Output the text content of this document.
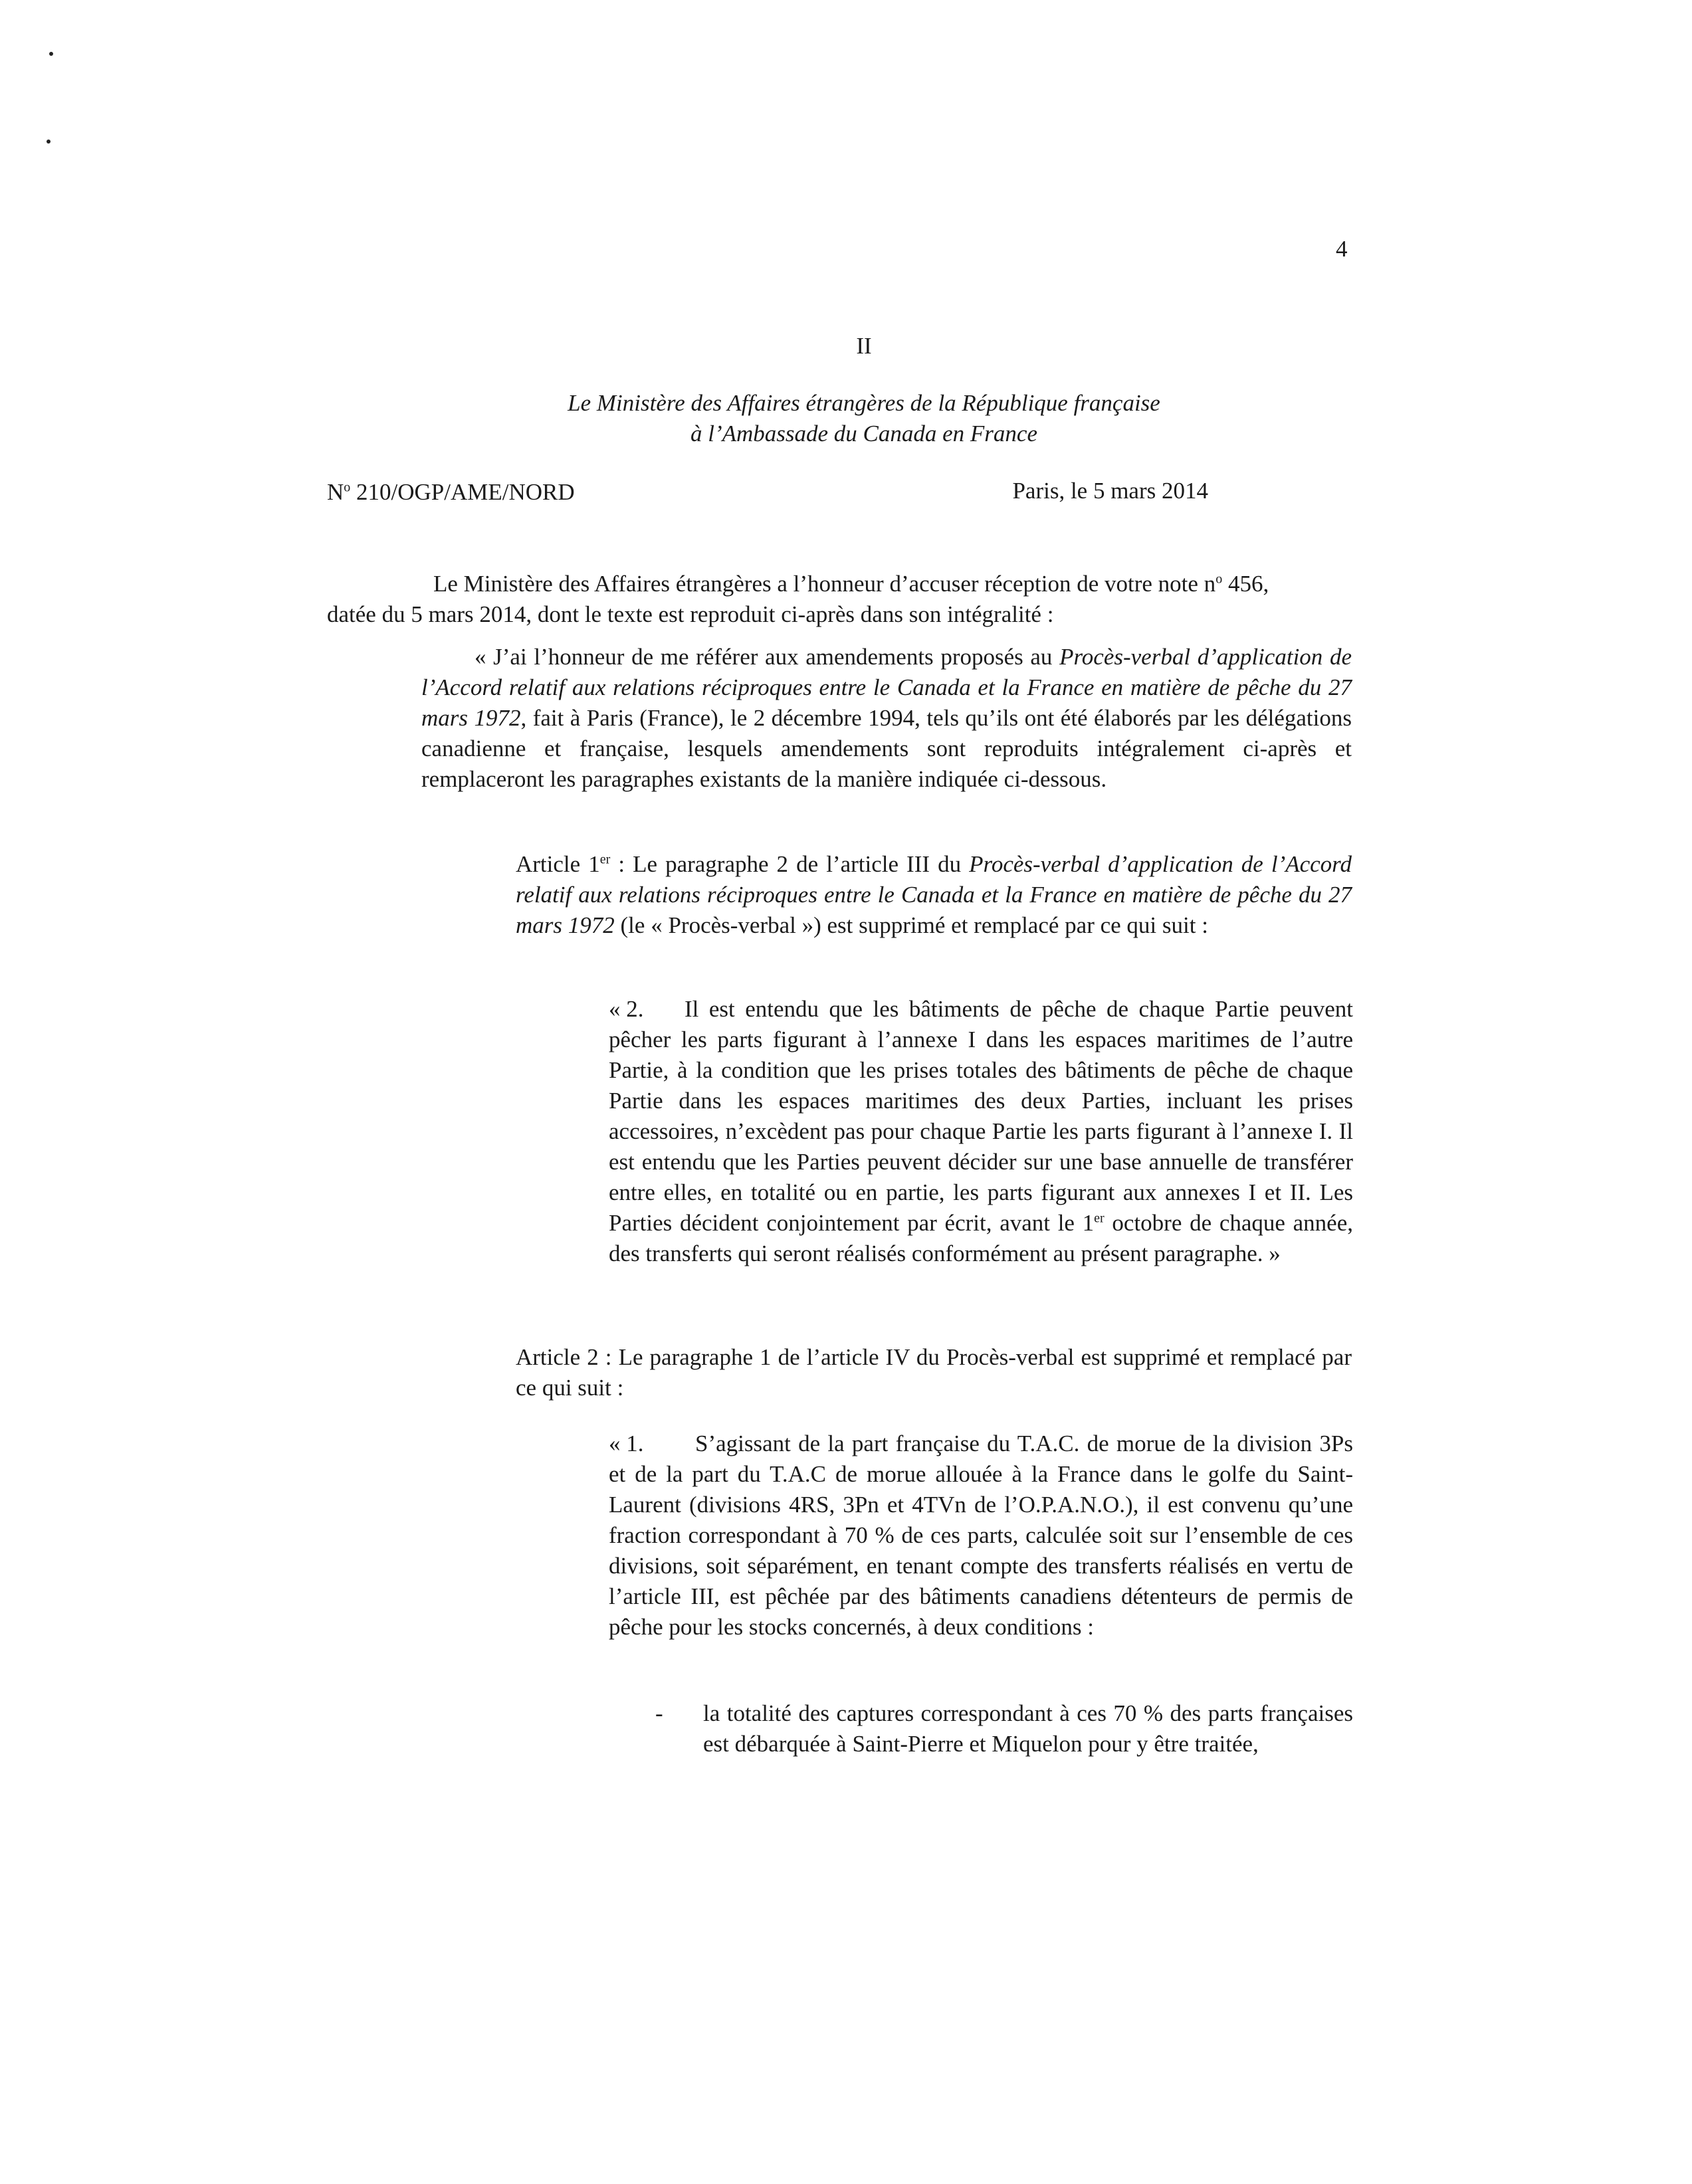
4
II
Le Ministère des Affaires étrangères de la République française
à l’Ambassade du Canada en France
$N^o$ 210/OGP/AME/NORD	Paris, le 5 mars 2014

Le Ministère des Affaires étrangères a l’honneur d’accuser réception de votre note $n^o$ 456,

datée du 5 mars 2014, dont le texte est reproduit ci-après dans son intégralité :

« J’ai l’honneur de me référer aux amendements proposés au Procès-verbal d’application de l’Accord relatif aux relations réciproques entre le Canada et la France en matière de pêche du 27 mars 1972, fait à Paris (France), le 2 décembre 1994, tels qu’ils ont été élaborés par les délégations canadienne et française, lesquels amendements sont reproduits intégralement ci-après et remplaceront les paragraphes existants de la manière indiquée ci-dessous.

Article 1er : Le paragraphe 2 de l’article III du Procès-verbal d’application de l’Accord relatif aux relations réciproques entre le Canada et la France en matière de pêche du 27 mars 1972 (le « Procès-verbal ») est supprimé et remplacé par ce qui suit :

« 2. Il est entendu que les bâtiments de pêche de chaque Partie peuvent pêcher les parts figurant à l’annexe I dans les espaces maritimes de l’autre Partie, à la condition que les prises totales des bâtiments de pêche de chaque Partie dans les espaces maritimes des deux Parties, incluant les prises accessoires, n’excèdent pas pour chaque Partie les parts figurant à l’annexe I. Il est entendu que les Parties peuvent décider sur une base annuelle de transférer entre elles, en totalité ou en partie, les parts figurant aux annexes I et II. Les Parties décident conjointement par écrit, avant le 1er octobre de chaque année, des transferts qui seront réalisés conformément au présent paragraphe. »

Article 2 : Le paragraphe 1 de l’article IV du Procès-verbal est supprimé et remplacé par ce qui suit :

« 1. S’agissant de la part française du T.A.C. de morue de la division 3Ps et de la part du T.A.C de morue allouée à la France dans le golfe du Saint-Laurent (divisions 4RS, 3Pn et 4TVn de l’O.P.A.N.O.), il est convenu qu’une fraction correspondant à 70 % de ces parts, calculée soit sur l’ensemble de ces divisions, soit séparément, en tenant compte des transferts réalisés en vertu de l’article III, est pêchée par des bâtiments canadiens détenteurs de permis de pêche pour les stocks concernés, à deux conditions :

- la totalité des captures correspondant à ces 70 % des parts françaises est débarquée à Saint-Pierre et Miquelon pour y être traitée,
